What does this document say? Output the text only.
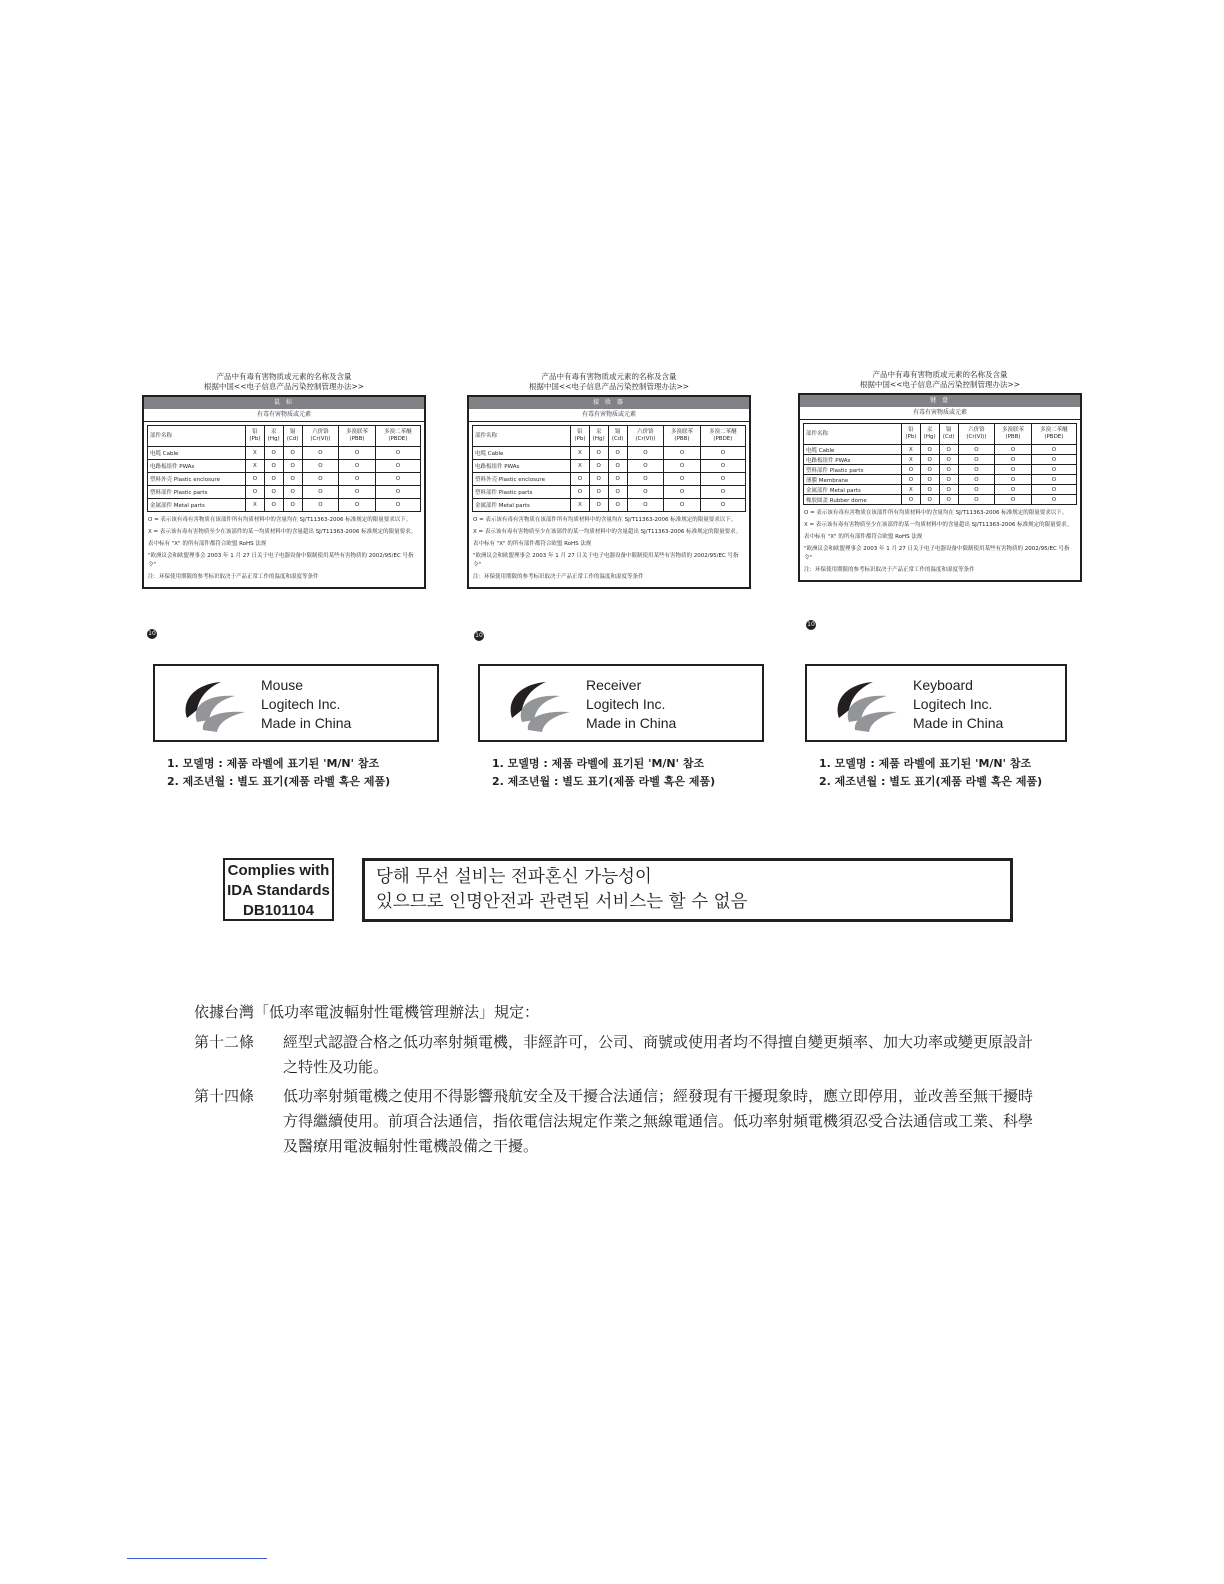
产品中有毒有害物质或元素的名称及含量
根据中国<<电子信息产品污染控制管理办法>>
鼠 标
有毒有害物质或元素
部件名称	铅 (Pb)	汞 (Hg)	镉 (Cd)	六价铬 (Cr(VI))	多溴联苯 (PBB)	多溴二苯醚 (PBDE)
电缆 Cable	X	O	O	O	O	O
电路板组件 PWAs	X	O	O	O	O	O
塑料外壳 Plastic enclosure	O	O	O	O	O	O
塑料部件 Plastic parts	O	O	O	O	O	O
金属部件 Metal parts	X	O	O	O	O	O

O = 表示该有毒有害物质在该部件所有均质材料中的含量均在 SJ/T11363-2006 标准规定的限量要求以下。

X = 表示该有毒有害物质至少在该部件的某一均质材料中的含量超出 SJ/T11363-2006 标准规定的限量要求。

表中标有 "X" 的所有部件都符合欧盟 RoHS 法规

"欧洲议会和欧盟理事会 2003 年 1 月 27 日关于电子电器设备中限制使用某些有害物质的 2002/95/EC 号指令"

注：环保使用期限的参考标识取决于产品正常工作的温度和湿度等条件

10
产品中有毒有害物质或元素的名称及含量
根据中国<<电子信息产品污染控制管理办法>>
接 收 器
有毒有害物质或元素
部件名称	铅 (Pb)	汞 (Hg)	镉 (Cd)	六价铬 (Cr(VI))	多溴联苯 (PBB)	多溴二苯醚 (PBDE)
电缆 Cable	X	O	O	O	O	O
电路板组件 PWAs	X	O	O	O	O	O
塑料外壳 Plastic enclosure	O	O	O	O	O	O
塑料部件 Plastic parts	O	O	O	O	O	O
金属部件 Metal parts	X	O	O	O	O	O

O = 表示该有毒有害物质在该部件所有均质材料中的含量均在 SJ/T11363-2006 标准规定的限量要求以下。

X = 表示该有毒有害物质至少在该部件的某一均质材料中的含量超出 SJ/T11363-2006 标准规定的限量要求。

表中标有 "X" 的所有部件都符合欧盟 RoHS 法规

"欧洲议会和欧盟理事会 2003 年 1 月 27 日关于电子电器设备中限制使用某些有害物质的 2002/95/EC 号指令"

注：环保使用期限的参考标识取决于产品正常工作的温度和湿度等条件

10
产品中有毒有害物质或元素的名称及含量
根据中国<<电子信息产品污染控制管理办法>>
键 盘
有毒有害物质或元素
部件名称	铅 (Pb)	汞 (Hg)	镉 (Cd)	六价铬 (Cr(VI))	多溴联苯 (PBB)	多溴二苯醚 (PBDE)
电缆 Cable	X	O	O	O	O	O
电路板组件 PWAs	X	O	O	O	O	O
塑料部件 Plastic parts	O	O	O	O	O	O
薄膜 Membrane	O	O	O	O	O	O
金属部件 Metal parts	X	O	O	O	O	O
橡胶圆盖 Rubber dome	O	O	O	O	O	O

O = 表示该有毒有害物质在该部件所有均质材料中的含量均在 SJ/T11363-2006 标准规定的限量要求以下。

X = 表示该有毒有害物质至少在该部件的某一均质材料中的含量超出 SJ/T11363-2006 标准规定的限量要求。

表中标有 "X" 的所有部件都符合欧盟 RoHS 法规

"欧洲议会和欧盟理事会 2003 年 1 月 27 日关于电子电器设备中限制使用某些有害物质的 2002/95/EC 号指令"

注：环保使用期限的参考标识取决于产品正常工作的温度和湿度等条件

10
Mouse
Logitech Inc.
Made in China
Receiver
Logitech Inc.
Made in China
Keyboard
Logitech Inc.
Made in China
1. 모델명 : 제품 라벨에 표기된 'M/N' 참조
2. 제조년월 : 별도 표기(제품 라벨 혹은 제품)
1. 모델명 : 제품 라벨에 표기된 'M/N' 참조
2. 제조년월 : 별도 표기(제품 라벨 혹은 제품)
1. 모델명 : 제품 라벨에 표기된 'M/N' 참조
2. 제조년월 : 별도 표기(제품 라벨 혹은 제품)
Complies with
IDA Standards
DB101104
당해 무선 설비는 전파혼신 가능성이
있으므로 인명안전과 관련된 서비스는 할 수 없음
依據台灣「低功率電波輻射性電機管理辦法」規定：
第十二條	經型式認證合格之低功率射頻電機，非經許可，公司、商號或使用者均不得擅自變更頻率、加大功率或變更原設計之特性及功能。
第十四條	低功率射頻電機之使用不得影響飛航安全及干擾合法通信；經發現有干擾現象時，應立即停用，並改善至無干擾時方得繼續使用。前項合法通信，指依電信法規定作業之無線電通信。低功率射頻電機須忍受合法通信或工業、科學及醫療用電波輻射性電機設備之干擾。
